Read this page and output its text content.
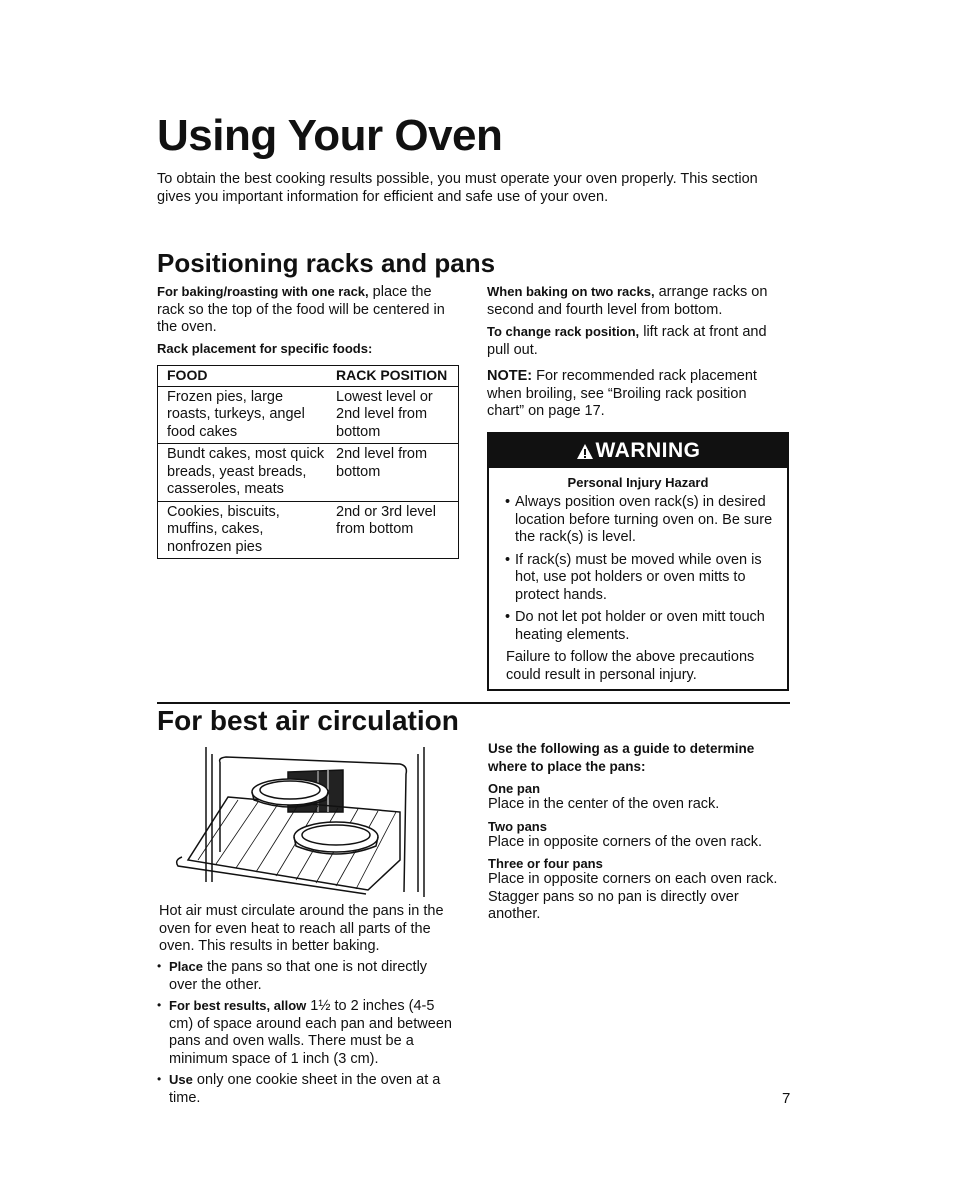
Using Your Oven
To obtain the best cooking results possible, you must operate your oven properly. This section gives you important information for efficient and safe use of your oven.
Positioning racks and pans
For baking/roasting with one rack, place the rack so the top of the food will be centered in the oven.
Rack placement for specific foods:
FOOD	RACK POSITION
Frozen pies, large roasts, turkeys, angel food cakes	Lowest level or 2nd level from bottom
Bundt cakes, most quick breads, yeast breads, casseroles, meats	2nd level from bottom
Cookies, biscuits, muffins, cakes, nonfrozen pies	2nd or 3rd level from bottom
When baking on two racks, arrange racks on second and fourth level from bottom.
To change rack position, lift rack at front and pull out.
NOTE: For recommended rack placement when broiling, see “Broiling rack position chart” on page 17.
WARNING
Personal Injury Hazard
• Always position oven rack(s) in desired location before turning oven on. Be sure the rack(s) is level.
• If rack(s) must be moved while oven is hot, use pot holders or oven mitts to protect hands.
• Do not let pot holder or oven mitt touch heating elements.
Failure to follow the above precautions could result in personal injury.
For best air circulation
Hot air must circulate around the pans in the oven for even heat to reach all parts of the oven. This results in better baking.
• Place the pans so that one is not directly over the other.
• For best results, allow 1½ to 2 inches (4-5 cm) of space around each pan and between pans and oven walls. There must be a minimum space of 1 inch (3 cm).
• Use only one cookie sheet in the oven at a time.

Use the following as a guide to determine where to place the pans:

One pan

Place in the center of the oven rack.

Two pans

Place in opposite corners of the oven rack.

Three or four pans

Place in opposite corners on each oven rack. Stagger pans so no pan is directly over another.

7
